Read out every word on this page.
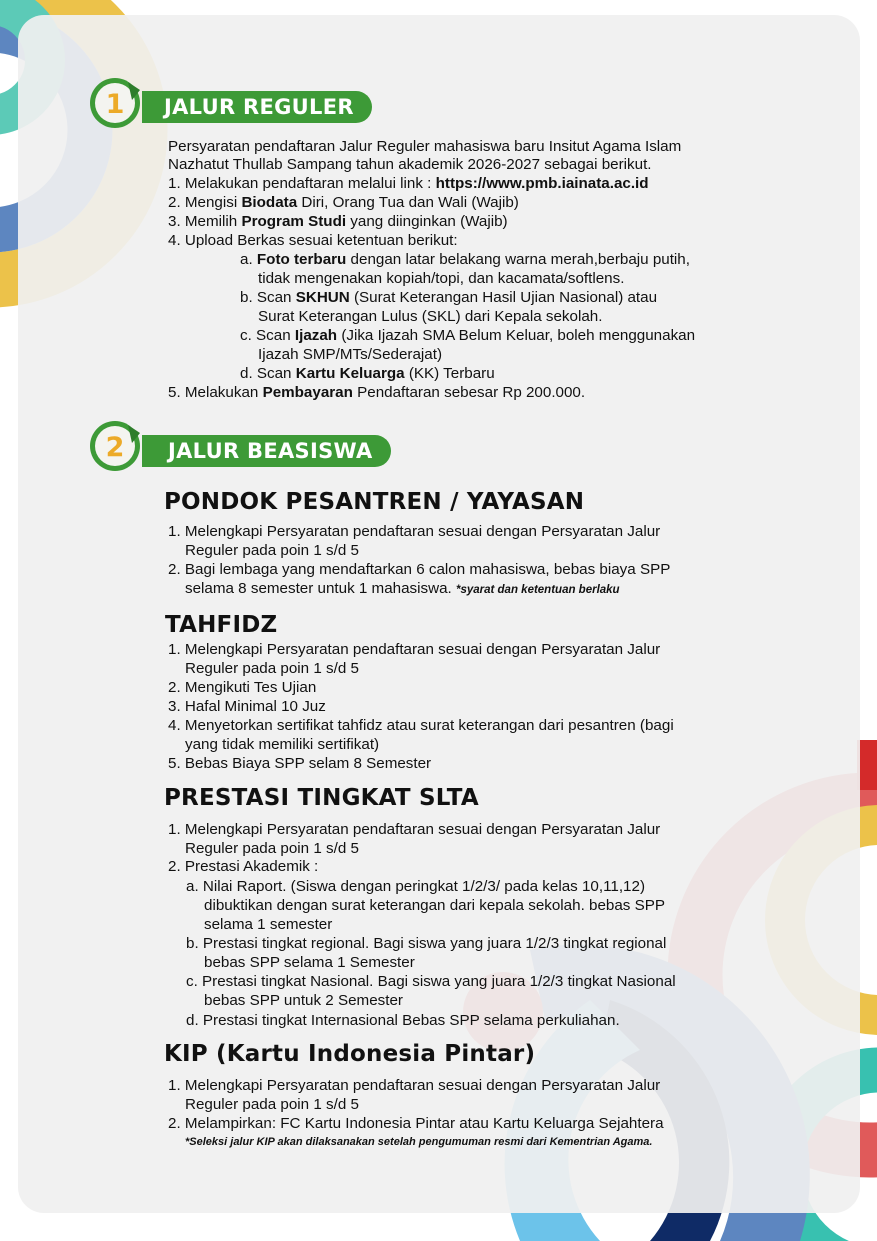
1	JALUR REGULER
Persyaratan pendaftaran Jalur Reguler mahasiswa baru Insitut Agama Islam
Nazhatut Thullab Sampang tahun akademik 2026-2027 sebagai berikut.
1. Melakukan pendaftaran melalui link : https://www.pmb.iainata.ac.id
2. Mengisi Biodata Diri, Orang Tua dan Wali (Wajib)
3. Memilih Program Studi yang diinginkan (Wajib)
4. Upload Berkas sesuai ketentuan berikut:
a. Foto terbaru dengan latar belakang warna merah,berbaju putih,
tidak mengenakan kopiah/topi, dan kacamata/softlens.
b. Scan SKHUN (Surat Keterangan Hasil Ujian Nasional) atau
Surat Keterangan Lulus (SKL) dari Kepala sekolah.
c. Scan Ijazah (Jika Ijazah SMA Belum Keluar, boleh menggunakan
Ijazah SMP/MTs/Sederajat)
d. Scan Kartu Keluarga (KK) Terbaru
5. Melakukan Pembayaran Pendaftaran sebesar Rp 200.000.
2	JALUR BEASISWA
PONDOK PESANTREN / YAYASAN
1. Melengkapi Persyaratan pendaftaran sesuai dengan Persyaratan Jalur
Reguler pada poin 1 s/d 5
2. Bagi lembaga yang mendaftarkan 6 calon mahasiswa, bebas biaya SPP
selama 8 semester untuk 1 mahasiswa. *syarat dan ketentuan berlaku
TAHFIDZ
1. Melengkapi Persyaratan pendaftaran sesuai dengan Persyaratan Jalur
Reguler pada poin 1 s/d 5
2. Mengikuti Tes Ujian
3. Hafal Minimal 10 Juz
4. Menyetorkan sertifikat tahfidz atau surat keterangan dari pesantren (bagi
yang tidak memiliki sertifikat)
5. Bebas Biaya SPP selam 8 Semester
PRESTASI TINGKAT SLTA
1. Melengkapi Persyaratan pendaftaran sesuai dengan Persyaratan Jalur
Reguler pada poin 1 s/d 5
2. Prestasi Akademik :
a. Nilai Raport. (Siswa dengan peringkat 1/2/3/ pada kelas 10,11,12)
dibuktikan dengan surat keterangan dari kepala sekolah. bebas SPP
selama 1 semester
b. Prestasi tingkat regional. Bagi siswa yang juara 1/2/3 tingkat regional
bebas SPP selama 1 Semester
c. Prestasi tingkat Nasional. Bagi siswa yang juara 1/2/3 tingkat Nasional
bebas SPP untuk 2 Semester
d. Prestasi tingkat Internasional Bebas SPP selama perkuliahan.
KIP (Kartu Indonesia Pintar)
1. Melengkapi Persyaratan pendaftaran sesuai dengan Persyaratan Jalur
Reguler pada poin 1 s/d 5
2. Melampirkan: FC Kartu Indonesia Pintar atau Kartu Keluarga Sejahtera
*Seleksi jalur KIP akan dilaksanakan setelah pengumuman resmi dari Kementrian Agama.
